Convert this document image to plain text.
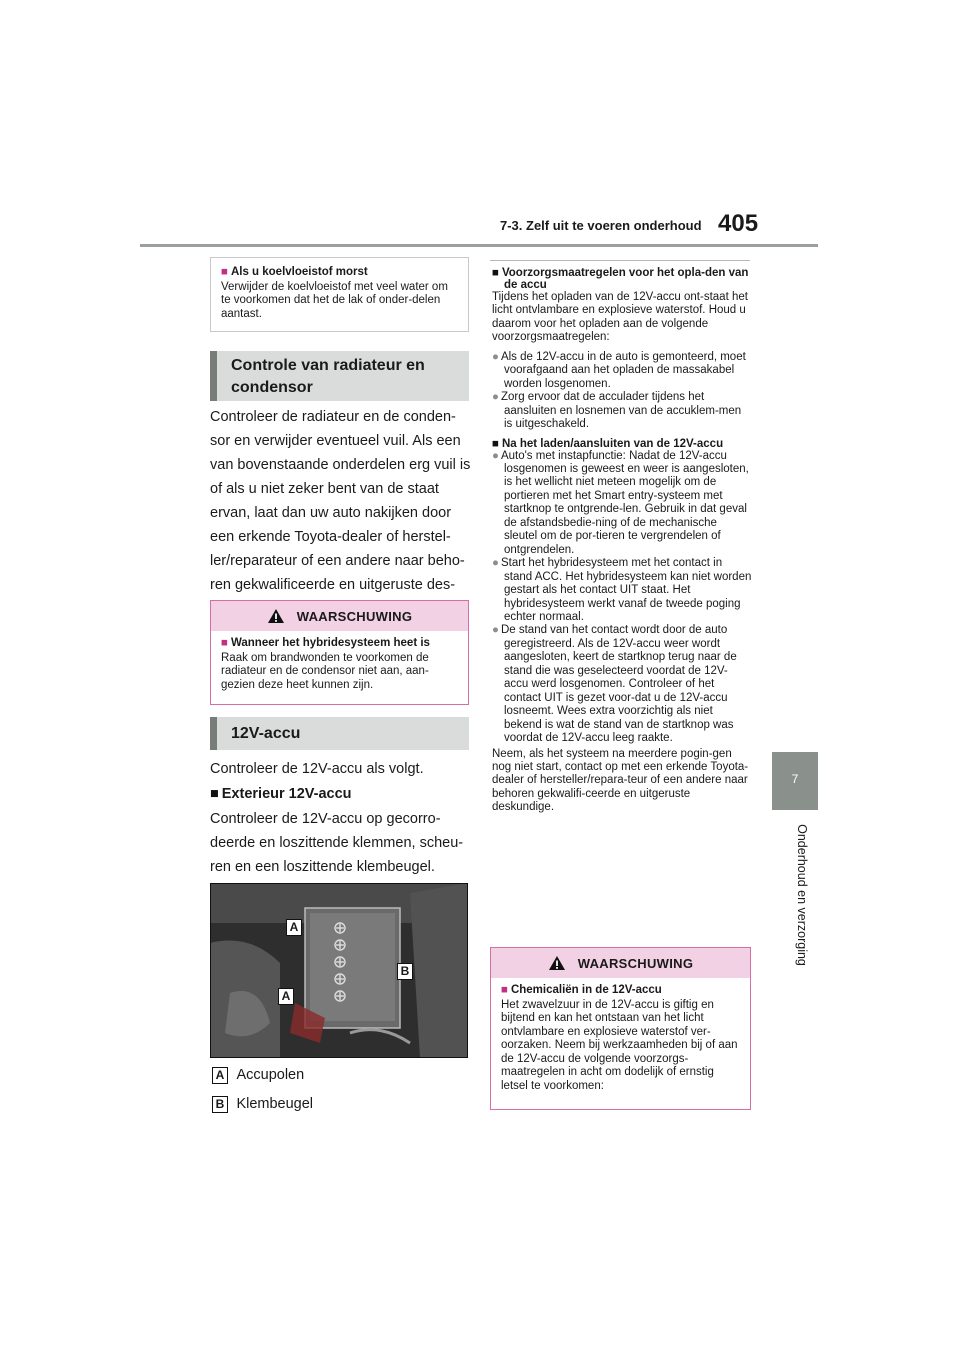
7-3. Zelf uit te voeren onderhoud 405
7
Onderhoud en verzorging

■ Als u koelvloeistof morst

Verwijder de koelvloeistof met veel water om te voorkomen dat het de lak of onder-delen aantast.

Controle van radiateur en
condensor
Controleer de radiateur en de conden-sor en verwijder eventueel vuil. Als een van bovenstaande onderdelen erg vuil is of als u niet zeker bent van de staat ervan, laat dan uw auto nakijken door een erkende Toyota-dealer of herstel-ler/reparateur of een andere naar beho-ren gekwalificeerde en uitgeruste des-
WAARSCHUWING

■ Wanneer het hybridesysteem heet is

Raak om brandwonden te voorkomen de radiateur en de condensor niet aan, aan-gezien deze heet kunnen zijn.

12V-accu
Controleer de 12V-accu als volgt.
■ Exterieur 12V-accu
Controleer de 12V-accu op gecorro-deerde en loszittende klemmen, scheu-ren en een loszittende klembeugel.
A
A
B
A Accupolen
B Klembeugel

■ Voorzorgsmaatregelen voor het opla-den van de accu

Tijdens het opladen van de 12V-accu ont-staat het licht ontvlambare en explosieve waterstof. Houd u daarom voor het opladen aan de volgende voorzorgsmaatregelen:

● Als de 12V-accu in de auto is gemonteerd, moet voorafgaand aan het opladen de massakabel worden losgenomen.

● Zorg ervoor dat de acculader tijdens het aansluiten en losnemen van de accuklem-men is uitgeschakeld.

■ Na het laden/aansluiten van de 12V-accu

● Auto's met instapfunctie: Nadat de 12V-accu losgenomen is geweest en weer is aangesloten, is het wellicht niet meteen mogelijk om de portieren met het Smart entry-systeem met startknop te ontgrende-len. Gebruik in dat geval de afstandsbedie-ning of de mechanische sleutel om de por-tieren te vergrendelen of ontgrendelen.

● Start het hybridesysteem met het contact in stand ACC. Het hybridesysteem kan niet worden gestart als het contact UIT staat. Het hybridesysteem werkt vanaf de tweede poging echter normaal.

● De stand van het contact wordt door de auto geregistreerd. Als de 12V-accu weer wordt aangesloten, keert de startknop terug naar de stand die was geselecteerd voordat de 12V-accu werd losgenomen. Controleer of het contact UIT is gezet voor-dat u de 12V-accu losneemt. Wees extra voorzichtig als niet bekend is wat de stand van de startknop was voordat de 12V-accu leeg raakte.

Neem, als het systeem na meerdere pogin-gen nog niet start, contact op met een erkende Toyota-dealer of hersteller/repara-teur of een andere naar behoren gekwalifi-ceerde en uitgeruste deskundige.

WAARSCHUWING

■ Chemicaliën in de 12V-accu

Het zwavelzuur in de 12V-accu is giftig en bijtend en kan het ontstaan van het licht ontvlambare en explosieve waterstof ver-oorzaken. Neem bij werkzaamheden bij of aan de 12V-accu de volgende voorzorgs-maatregelen in acht om dodelijk of ernstig letsel te voorkomen:
